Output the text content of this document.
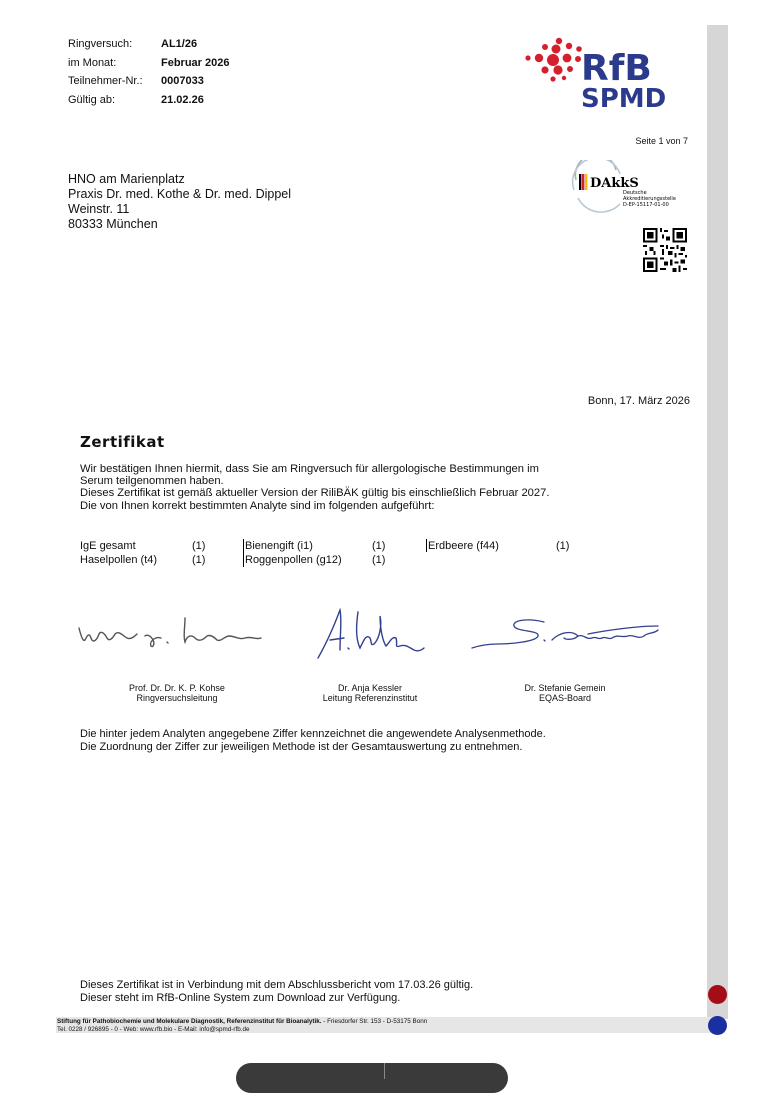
Ringversuch:	AL1/26
im Monat:	Februar 2026
Teilnehmer-Nr.:	0007033
Gültig ab:	21.02.26
RfB
SPMD
Seite 1 von 7
DAkkS
Deutsche
Akkreditierungsstelle
D-EP-15117-01-00
HNO am Marienplatz
Praxis Dr. med. Kothe & Dr. med. Dippel
Weinstr. 11
80333 München
Bonn, 17. März 2026
Zertifikat
Wir bestätigen Ihnen hiermit, dass Sie am Ringversuch für allergologische Bestimmungen im
Serum teilgenommen haben.
Dieses Zertifikat ist gemäß aktueller Version der RiliBÄK gültig bis einschließlich Februar 2027.
Die von Ihnen korrekt bestimmten Analyte sind im folgenden aufgeführt:
IgE gesamt	(1)	Bienengift (i1)	(1)	Erdbeere (f44)	(1)
Haselpollen (t4)	(1)	Roggenpollen (g12)	(1)
Prof. Dr. Dr. K. P. Kohse
Ringversuchsleitung
Dr. Anja Kessler
Leitung Referenzinstitut
Dr. Stefanie Gemein
EQAS-Board
Die hinter jedem Analyten angegebene Ziffer kennzeichnet die angewendete Analysenmethode.
Die Zuordnung der Ziffer zur jeweiligen Methode ist der Gesamtauswertung zu entnehmen.
Dieses Zertifikat ist in Verbindung mit dem Abschlussbericht vom 17.03.26 gültig.
Dieser steht im RfB-Online System zum Download zur Verfügung.
Stiftung für Pathobiochemie und Molekulare Diagnostik, Referenzinstitut für Bioanalytik. - Friesdorfer Str. 153 - D-53175 Bonn
Tel. 0228 / 926895 - 0 - Web: www.rfb.bio - E-Mail: info@spmd-rfb.de
